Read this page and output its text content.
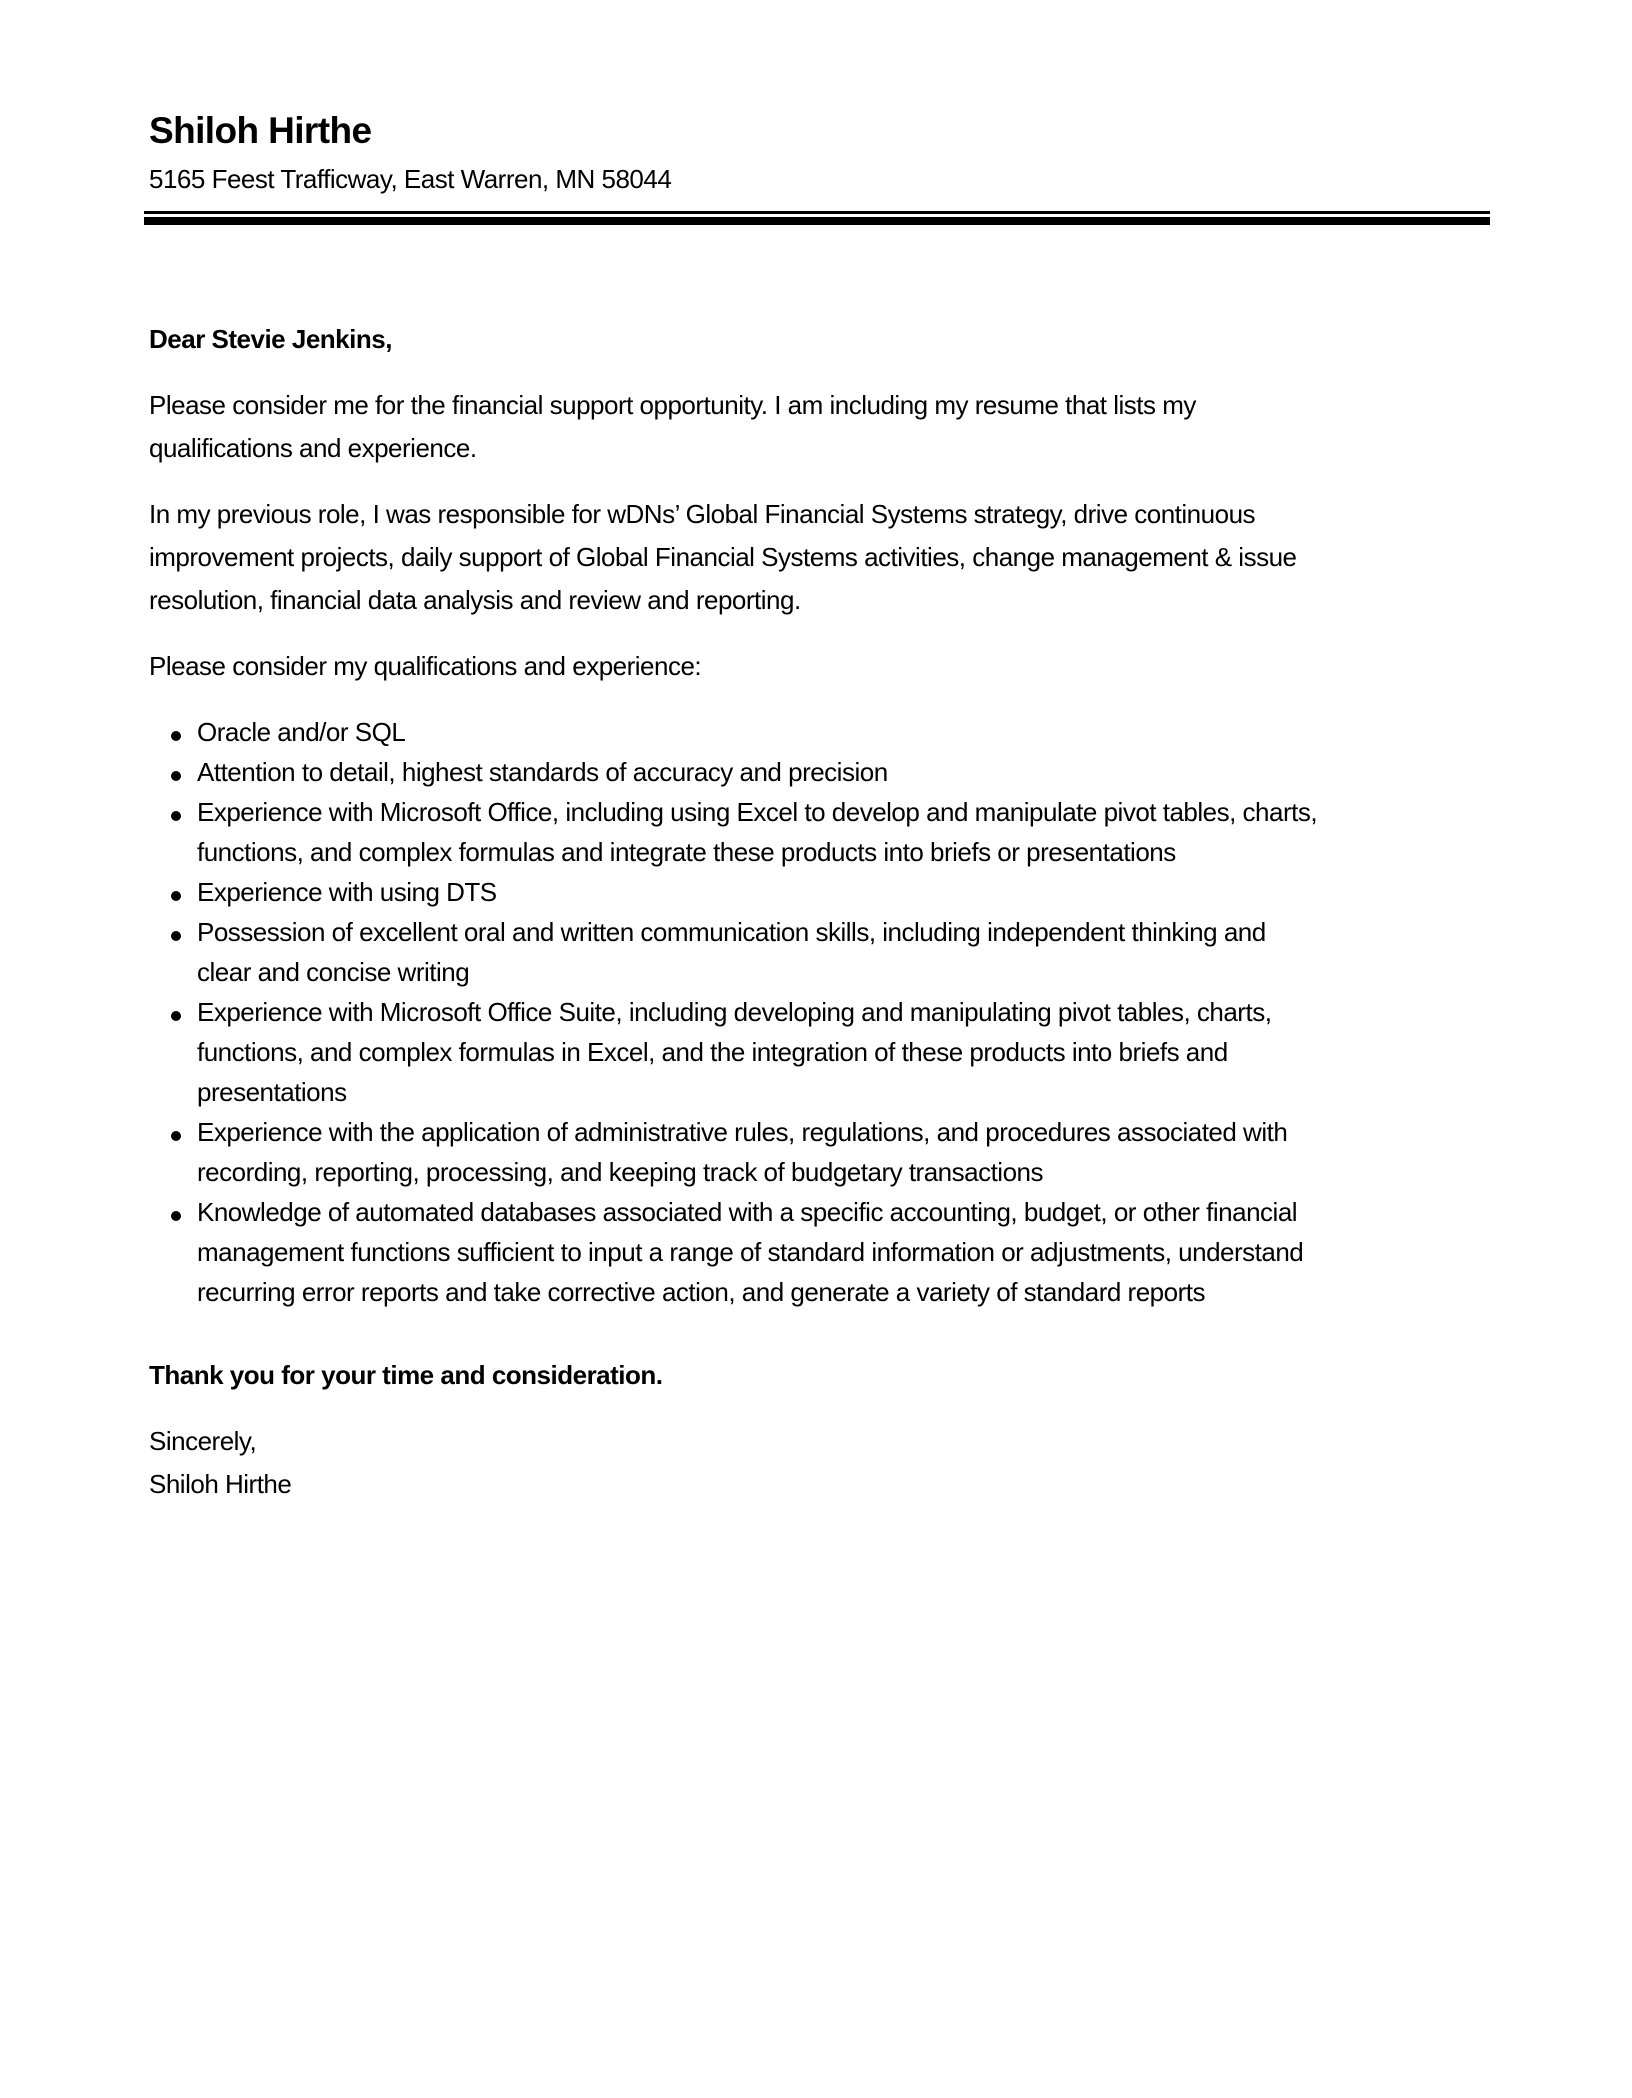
Shiloh Hirthe
5165 Feest Trafficway, East Warren, MN 58044
Dear Stevie Jenkins,
Please consider me for the financial support opportunity. I am including my resume that lists my
qualifications and experience.
In my previous role, I was responsible for wDNs’ Global Financial Systems strategy, drive continuous
improvement projects, daily support of Global Financial Systems activities, change management & issue
resolution, financial data analysis and review and reporting.
Please consider my qualifications and experience:
Oracle and/or SQL
Attention to detail, highest standards of accuracy and precision
Experience with Microsoft Office, including using Excel to develop and manipulate pivot tables, charts,
functions, and complex formulas and integrate these products into briefs or presentations
Experience with using DTS
Possession of excellent oral and written communication skills, including independent thinking and
clear and concise writing
Experience with Microsoft Office Suite, including developing and manipulating pivot tables, charts,
functions, and complex formulas in Excel, and the integration of these products into briefs and
presentations
Experience with the application of administrative rules, regulations, and procedures associated with
recording, reporting, processing, and keeping track of budgetary transactions
Knowledge of automated databases associated with a specific accounting, budget, or other financial
management functions sufficient to input a range of standard information or adjustments, understand
recurring error reports and take corrective action, and generate a variety of standard reports
Thank you for your time and consideration.
Sincerely,
Shiloh Hirthe
